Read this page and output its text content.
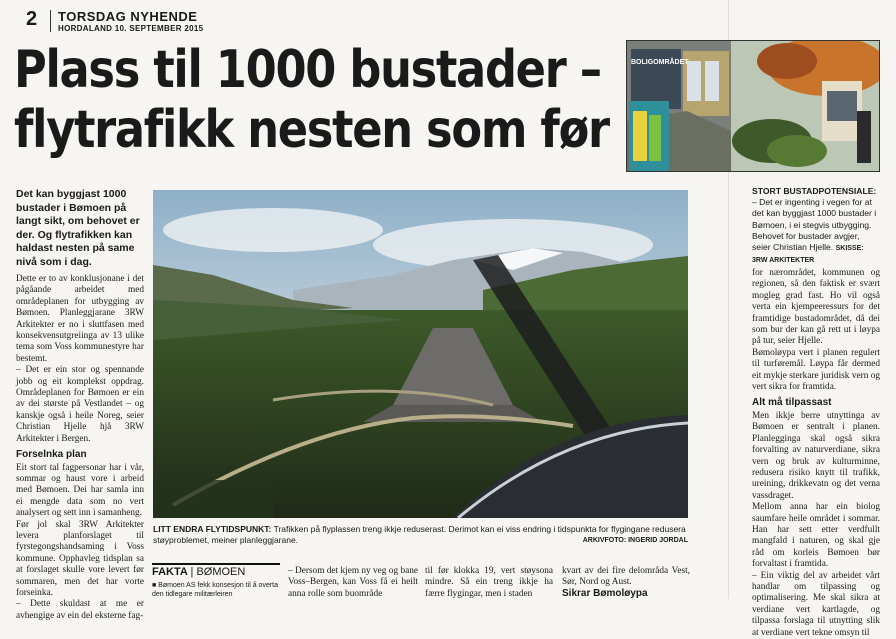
2 TORSDAG NYHENDE
HORDALAND 10. SEPTEMBER 2015
Plass til 1000 bustader –
flytrafikk nesten som før
Det kan byggjast 1000 bustader i Bømoen på langt sikt, om behovet er der. Og flytrafikken kan haldast nesten på same nivå som i dag.

Dette er to av konklusjonane i det pågåande arbeidet med områdeplanen for utbygging av Bømoen. Planleggjarane 3RW Arkitekter er no i sluttfasen med konsekvensutgreiinga av 13 ulike tema som Voss kommunestyre har bestemt.

– Det er ein stor og spennande jobb og eit komplekst oppdrag. Områdeplanen for Bømoen er ein av dei største på Vestlandet – og kanskje også i heile Noreg, seier Christian Hjelle hjå 3RW Arkitekter i Bergen.

Forselnka plan

Eit stort tal fagpersonar har i vår, sommar og haust vore i arbeid med Bømoen. Dei har samla inn ei mengde data som no vert analysert og sett inn i samanheng.

Før jol skal 3RW Arkitekter levera planforslaget til fyrstegongshandsaming i Voss kommune. Opphavleg tidsplan sa at forslaget skulle vore levert før sommaren, men det har vorte forseinka.

– Dette skuldast at me er avhengige av ein del eksterne fag-

LITT ENDRA FLYTIDSPUNKT: Trafikken på flyplassen treng ikkje reduserast. Derimot kan ei viss endring i tidspunkta for flygingane redusera støyproblemet, meiner planleggjarane.	ARKIVFOTO: INGERID JORDAL
FAKTA | BØMOEN
■ Bømoen AS fekk konsesjon til å overta den tidlegare militærleiren
– Dersom det kjem ny veg og bane Voss–Bergen, kan Voss få ei heilt anna rolle som buområde
til før klokka 19, vert støysona mindre. Så ein treng ikkje ha færre flygingar, men i staden
kvart av dei fire delområda Vest, Sør, Nord og Aust.
Sikrar Bømoløypa
BOLIGOMRÅDET
STORT BUSTADPOTENSIALE: – Det er ingenting i vegen for at det kan byggjast 1000 bustader i Bømoen, i ei stegvis utbygging. Behovet for bustader avgjer, seier Christian Hjelle. SKISSE: 3RW ARKITEKTER

for nærområdet, kommunen og regionen, så den faktisk er svært mogleg grad fast. Ho vil også verta ein kjempeeressurs for det framtidige bustadområdet, då dei som bur der kan gå rett ut i løypa på tur, seier Hjelle.

Bømoløypa vert i planen regulert til turføremål. Løypa får dermed eit mykje sterkare juridisk vern og vert sikra for framtida.

Alt må tilpassast

Men ikkje berre utnyttinga av Bømoen er sentralt i planen. Planlegginga skal også sikra forvalting av naturverdiane, sikra vern og bruk av kulturminne, redusera risiko knytt til trafikk, ureining, drikkevatn og det verna vassdraget.

Mellom anna har ein biolog saumfare heile området i sommar. Han har sett etter verdfullt mangfald i naturen, og skal gje råd om korleis Bømoen bør forvaltast i framtida.

– Ein viktig del av arbeidet vårt handlar om tilpassing og optimalisering. Me skal sikra at verdiane vert kartlagde, og tilpassa forslaga til utnytting slik at verdiane vert tekne omsyn til
